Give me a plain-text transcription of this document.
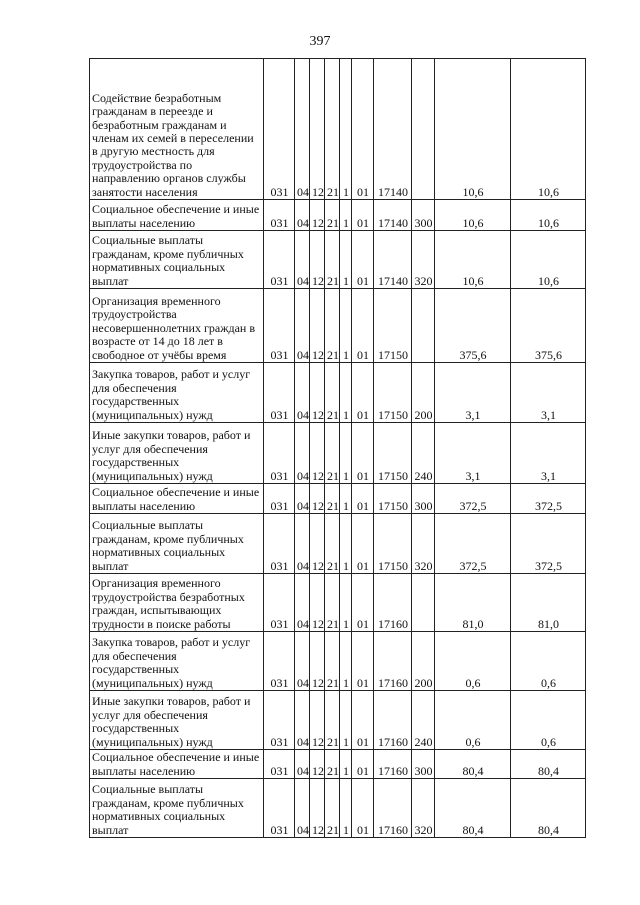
397
Содействие безработным гражданам в переезде и безработным гражданам и членам их семей в переселении в другую местность для трудоустройства по направлению органов службы занятости населения	031	04	12	21	1	01	17140		10,6	10,6

Социальное обеспечение и иные выплаты населению	031	04	12	21	1	01	17140	300	10,6	10,6

Социальные выплаты гражданам, кроме публичных нормативных социальных выплат	031	04	12	21	1	01	17140	320	10,6	10,6

Организация временного трудоустройства несовершеннолетних граждан в возрасте от 14 до 18 лет в свободное от учёбы время	031	04	12	21	1	01	17150		375,6	375,6

Закупка товаров, работ и услуг для обеспечения государственных (муниципальных) нужд	031	04	12	21	1	01	17150	200	3,1	3,1

Иные закупки товаров, работ и услуг для обеспечения государственных (муниципальных) нужд	031	04	12	21	1	01	17150	240	3,1	3,1

Социальное обеспечение и иные выплаты населению	031	04	12	21	1	01	17150	300	372,5	372,5

Социальные выплаты гражданам, кроме публичных нормативных социальных выплат	031	04	12	21	1	01	17150	320	372,5	372,5

Организация временного трудоустройства безработных граждан, испытывающих трудности в поиске работы	031	04	12	21	1	01	17160		81,0	81,0

Закупка товаров, работ и услуг для обеспечения государственных (муниципальных) нужд	031	04	12	21	1	01	17160	200	0,6	0,6

Иные закупки товаров, работ и услуг для обеспечения государственных (муниципальных) нужд	031	04	12	21	1	01	17160	240	0,6	0,6

Социальное обеспечение и иные выплаты населению	031	04	12	21	1	01	17160	300	80,4	80,4

Социальные выплаты гражданам, кроме публичных нормативных социальных выплат	031	04	12	21	1	01	17160	320	80,4	80,4
